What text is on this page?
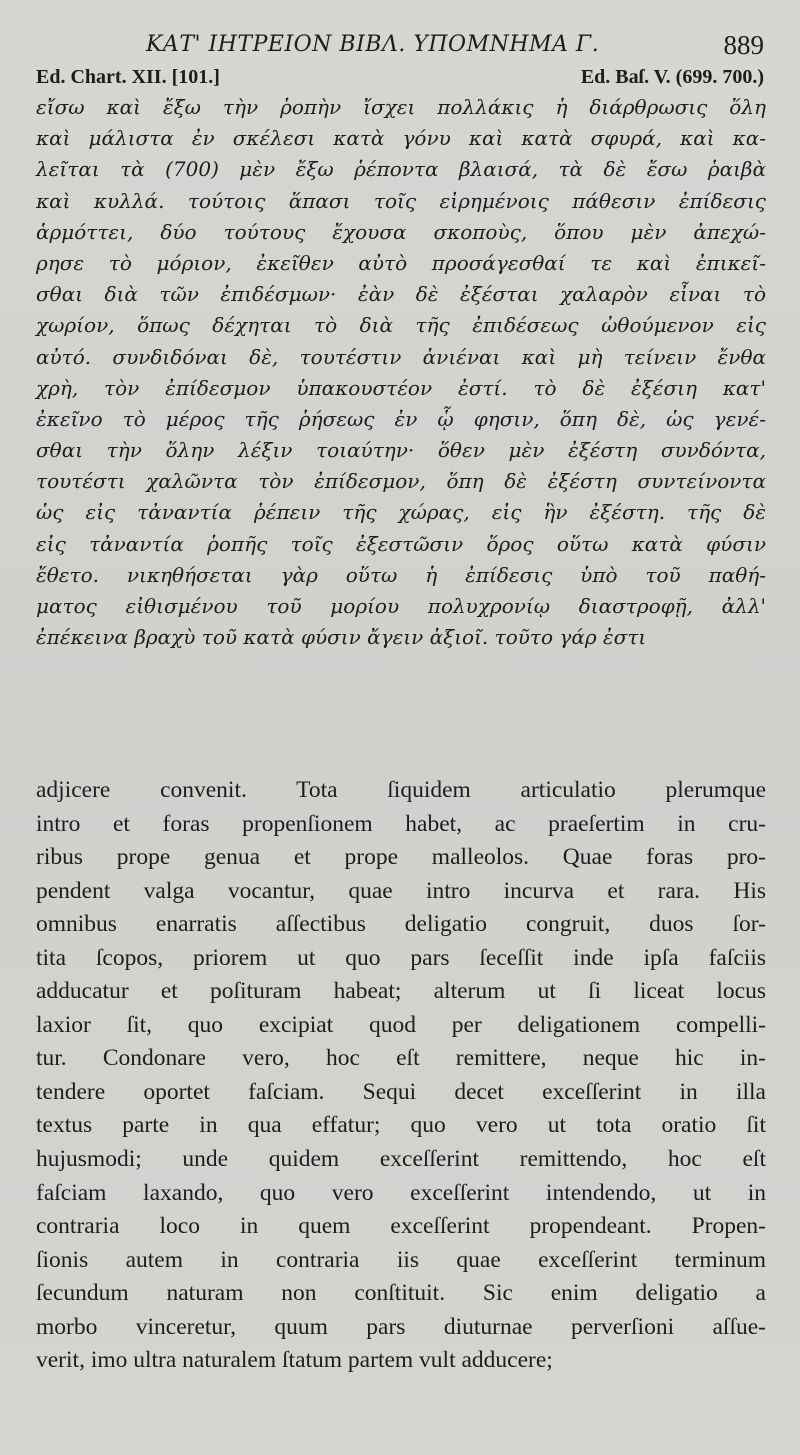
ΚΑΤ' ΙΗΤΡΕΙΟΝ ΒΙΒΛ. ΥΠΟΜΝΗΜΑ Γ.	889
Ed. Chart. XII. [101.]	Ed. Baſ. V. (699. 700.)
εἴσω καὶ ἔξω τὴν ῥοπὴν ἴσχει πολλάκις ἡ διάρθρωσις ὅλη
καὶ μάλιστα ἐν σκέλεσι κατὰ γόνυ καὶ κατὰ σφυρά, καὶ κα-
λεῖται τὰ (700) μὲν ἔξω ῥέποντα βλαισά, τὰ δὲ ἔσω ῥαιβὰ
καὶ κυλλά. τούτοις ἅπασι τοῖς εἰρημένοις πάθεσιν ἐπίδεσις
ἁρμόττει, δύο τούτους ἔχουσα σκοποὺς, ὅπου μὲν ἀπεχώ-
ρησε τὸ μόριον, ἐκεῖθεν αὐτὸ προσάγεσθαί τε καὶ ἐπικεῖ-
σθαι διὰ τῶν ἐπιδέσμων· ἐὰν δὲ ἐξέσται χαλαρὸν εἶναι τὸ
χωρίον, ὅπως δέχηται τὸ διὰ τῆς ἐπιδέσεως ὠθούμενον εἰς
αὐτό. συνδιδόναι δὲ, τουτέστιν ἀνιέναι καὶ μὴ τείνειν ἔνθα
χρὴ, τὸν ἐπίδεσμον ὑπακουστέον ἐστί. τὸ δὲ ἐξέσιη κατ'
ἐκεῖνο τὸ μέρος τῆς ῥήσεως ἐν ᾧ φησιν, ὅπη δὲ, ὡς γενέ-
σθαι τὴν ὅλην λέξιν τοιαύτην· ὅθεν μὲν ἐξέστη συνδόντα,
τουτέστι χαλῶντα τὸν ἐπίδεσμον, ὅπη δὲ ἐξέστη συντείνοντα
ὡς εἰς τἀναντία ῥέπειν τῆς χώρας, εἰς ἣν ἐξέστη. τῆς δὲ
εἰς τἀναντία ῥοπῆς τοῖς ἐξεστῶσιν ὅρος οὕτω κατὰ φύσιν
ἔθετο. νικηθήσεται γὰρ οὕτω ἡ ἐπίδεσις ὑπὸ τοῦ παθή-
ματος εἰθισμένου τοῦ μορίου πολυχρονίῳ διαστροφῇ, ἀλλ'
ἐπέκεινα βραχὺ τοῦ κατὰ φύσιν ἄγειν ἀξιοῖ. τοῦτο γάρ ἐστι
adjicere convenit. Tota ſiquidem articulatio plerumque
intro et foras propenſionem habet, ac praeſertim in cru-
ribus prope genua et prope malleolos. Quae foras pro-
pendent valga vocantur, quae intro incurva et rara. His
omnibus enarratis aſſectibus deligatio congruit, duos ſor-
tita ſcopos, priorem ut quo pars ſeceſſit inde ipſa faſciis
adducatur et poſituram habeat; alterum ut ſi liceat locus
laxior ſit, quo excipiat quod per deligationem compelli-
tur. Condonare vero, hoc eſt remittere, neque hic in-
tendere oportet faſciam. Sequi decet exceſſerint in illa
textus parte in qua effatur; quo vero ut tota oratio ſit
hujusmodi; unde quidem exceſſerint remittendo, hoc eſt
faſciam laxando, quo vero exceſſerint intendendo, ut in
contraria loco in quem exceſſerint propendeant. Propen-
ſionis autem in contraria iis quae exceſſerint terminum
ſecundum naturam non conſtituit. Sic enim deligatio a
morbo vinceretur, quum pars diuturnae perverſioni aſſue-
verit, imo ultra naturalem ſtatum partem vult adducere;
